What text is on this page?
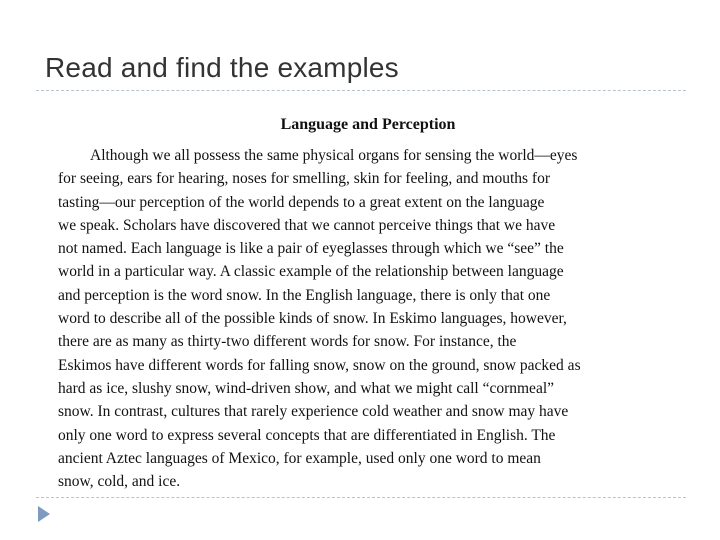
Read and find the examples
Language and Perception

Although we all possess the same physical organs for sensing the world—eyes

for seeing, ears for hearing, noses for smelling, skin for feeling, and mouths for

tasting—our perception of the world depends to a great extent on the language

we speak. Scholars have discovered that we cannot perceive things that we have

not named. Each language is like a pair of eyeglasses through which we “see” the

world in a particular way. A classic example of the relationship between language

and perception is the word snow. In the English language, there is only that one

word to describe all of the possible kinds of snow. In Eskimo languages, however,

there are as many as thirty-two different words for snow. For instance, the

Eskimos have different words for falling snow, snow on the ground, snow packed as

hard as ice, slushy snow, wind-driven show, and what we might call “cornmeal”

snow. In contrast, cultures that rarely experience cold weather and snow may have

only one word to express several concepts that are differentiated in English. The

ancient Aztec languages of Mexico, for example, used only one word to mean

snow, cold, and ice.
